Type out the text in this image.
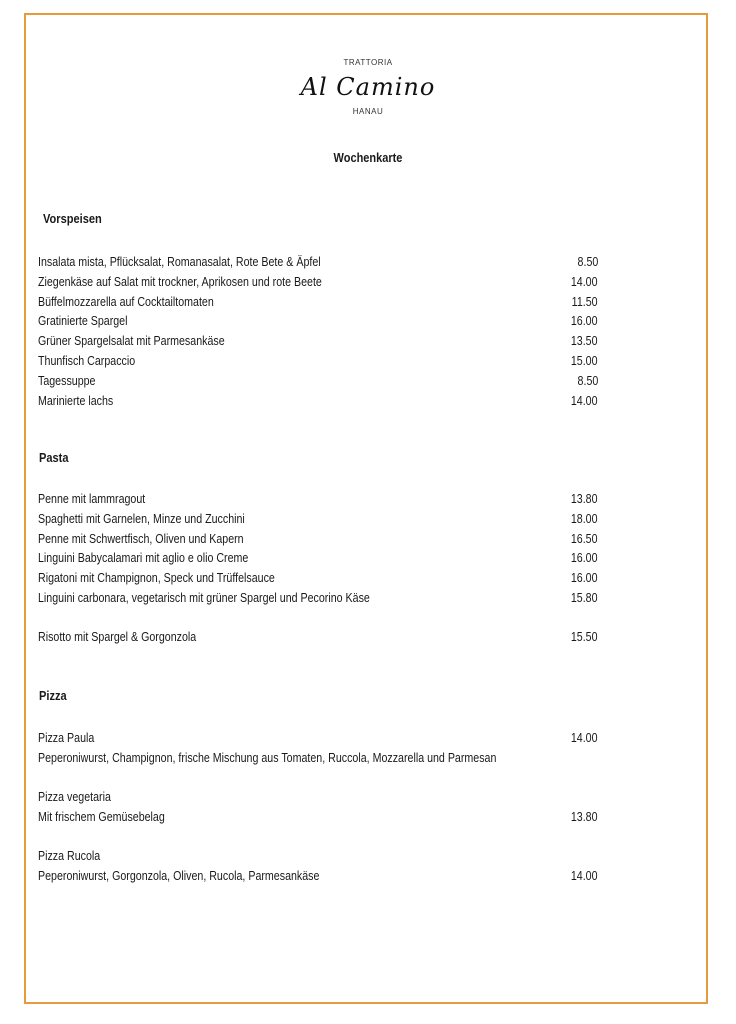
TRATTORIA
Al Camino
HANAU
Wochenkarte
Vorspeisen
Insalata mista, Pflücksalat, Romanasalat, Rote Bete & Äpfel	8.50
Ziegenkäse auf Salat mit trockner, Aprikosen und rote Beete	14.00
Büffelmozzarella auf Cocktailtomaten	11.50
Gratinierte Spargel	16.00
Grüner Spargelsalat mit Parmesankäse	13.50
Thunfisch Carpaccio	15.00
Tagessuppe	8.50
Marinierte lachs	14.00
Pasta
Penne mit lammragout	13.80
Spaghetti mit Garnelen, Minze und Zucchini	18.00
Penne mit Schwertfisch, Oliven und Kapern	16.50
Linguini Babycalamari mit aglio e olio Creme	16.00
Rigatoni mit Champignon, Speck und Trüffelsauce	16.00
Linguini carbonara, vegetarisch mit grüner Spargel und Pecorino Käse	15.80
Risotto mit Spargel & Gorgonzola	15.50
Pizza
Pizza Paula	14.00
Peperoniwurst, Champignon, frische Mischung aus Tomaten, Ruccola, Mozzarella und Parmesan
Pizza vegetaria
Mit frischem Gemüsebelag	13.80
Pizza Rucola
Peperoniwurst, Gorgonzola, Oliven, Rucola, Parmesankäse	14.00
